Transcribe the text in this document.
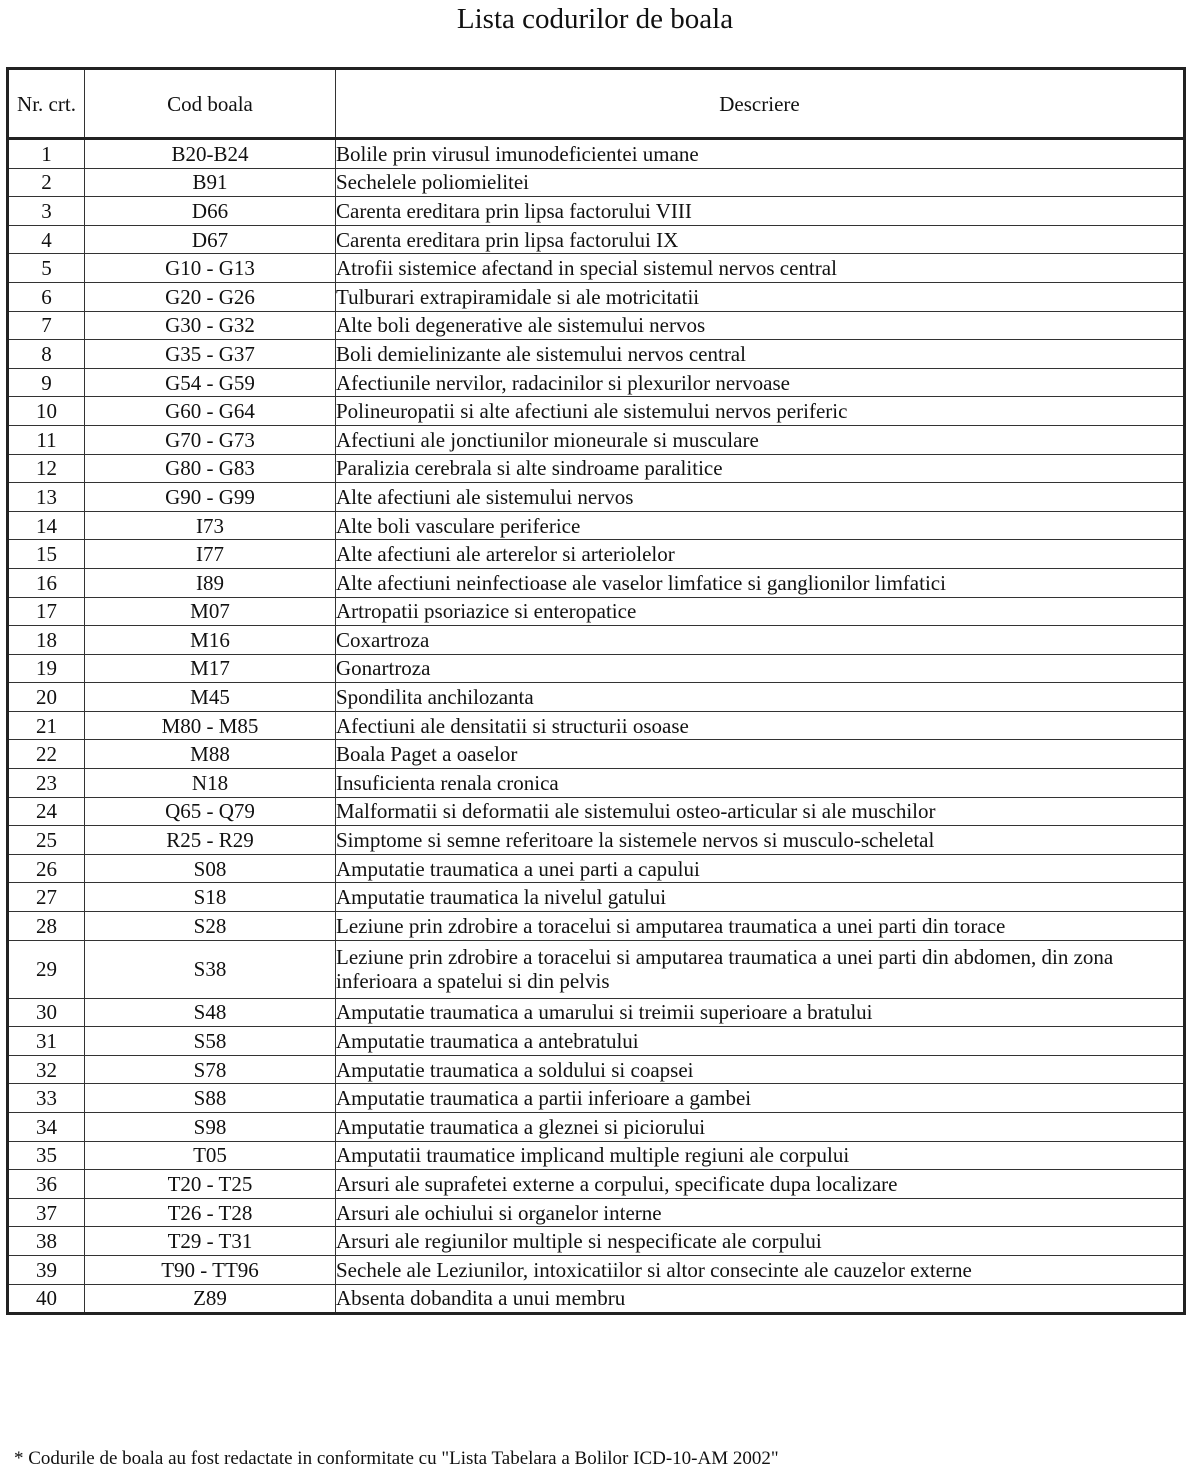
Lista codurilor de boala
Nr. crt.	Cod boala	Descriere
1	B20-B24	Bolile prin virusul imunodeficientei umane
2	B91	Sechelele poliomielitei
3	D66	Carenta ereditara prin lipsa factorului VIII
4	D67	Carenta ereditara prin lipsa factorului IX
5	G10 - G13	Atrofii sistemice afectand in special sistemul nervos central
6	G20 - G26	Tulburari extrapiramidale si ale motricitatii
7	G30 - G32	Alte boli degenerative ale sistemului nervos
8	G35 - G37	Boli demielinizante ale sistemului nervos central
9	G54 - G59	Afectiunile nervilor, radacinilor si plexurilor nervoase
10	G60 - G64	Polineuropatii si alte afectiuni ale sistemului nervos periferic
11	G70 - G73	Afectiuni ale jonctiunilor mioneurale si musculare
12	G80 - G83	Paralizia cerebrala si alte sindroame paralitice
13	G90 - G99	Alte afectiuni ale sistemului nervos
14	I73	Alte boli vasculare periferice
15	I77	Alte afectiuni ale arterelor si arteriolelor
16	I89	Alte afectiuni neinfectioase ale vaselor limfatice si ganglionilor limfatici
17	M07	Artropatii psoriazice si enteropatice
18	M16	Coxartroza
19	M17	Gonartroza
20	M45	Spondilita anchilozanta
21	M80 - M85	Afectiuni ale densitatii si structurii osoase
22	M88	Boala Paget a oaselor
23	N18	Insuficienta renala cronica
24	Q65 - Q79	Malformatii si deformatii ale sistemului osteo-articular si ale muschilor
25	R25 - R29	Simptome si semne referitoare la sistemele nervos si musculo-scheletal
26	S08	Amputatie traumatica a unei parti a capului
27	S18	Amputatie traumatica la nivelul gatului
28	S28	Leziune prin zdrobire a toracelui si amputarea traumatica a unei parti din torace
29	S38	Leziune prin zdrobire a toracelui si amputarea traumatica a unei parti din abdomen, din zona inferioara a spatelui si din pelvis
30	S48	Amputatie traumatica a umarului si treimii superioare a bratului
31	S58	Amputatie traumatica a antebratului
32	S78	Amputatie traumatica a soldului si coapsei
33	S88	Amputatie traumatica a partii inferioare a gambei
34	S98	Amputatie traumatica a gleznei si piciorului
35	T05	Amputatii traumatice implicand multiple regiuni ale corpului
36	T20 - T25	Arsuri ale suprafetei externe a corpului, specificate dupa localizare
37	T26 - T28	Arsuri ale ochiului si organelor interne
38	T29 - T31	Arsuri ale regiunilor multiple si nespecificate ale corpului
39	T90 - TT96	Sechele ale Leziunilor, intoxicatiilor si altor consecinte ale cauzelor externe
40	Z89	Absenta dobandita a unui membru
* Codurile de boala au fost redactate in conformitate cu "Lista Tabelara a Bolilor ICD-10-AM 2002"
